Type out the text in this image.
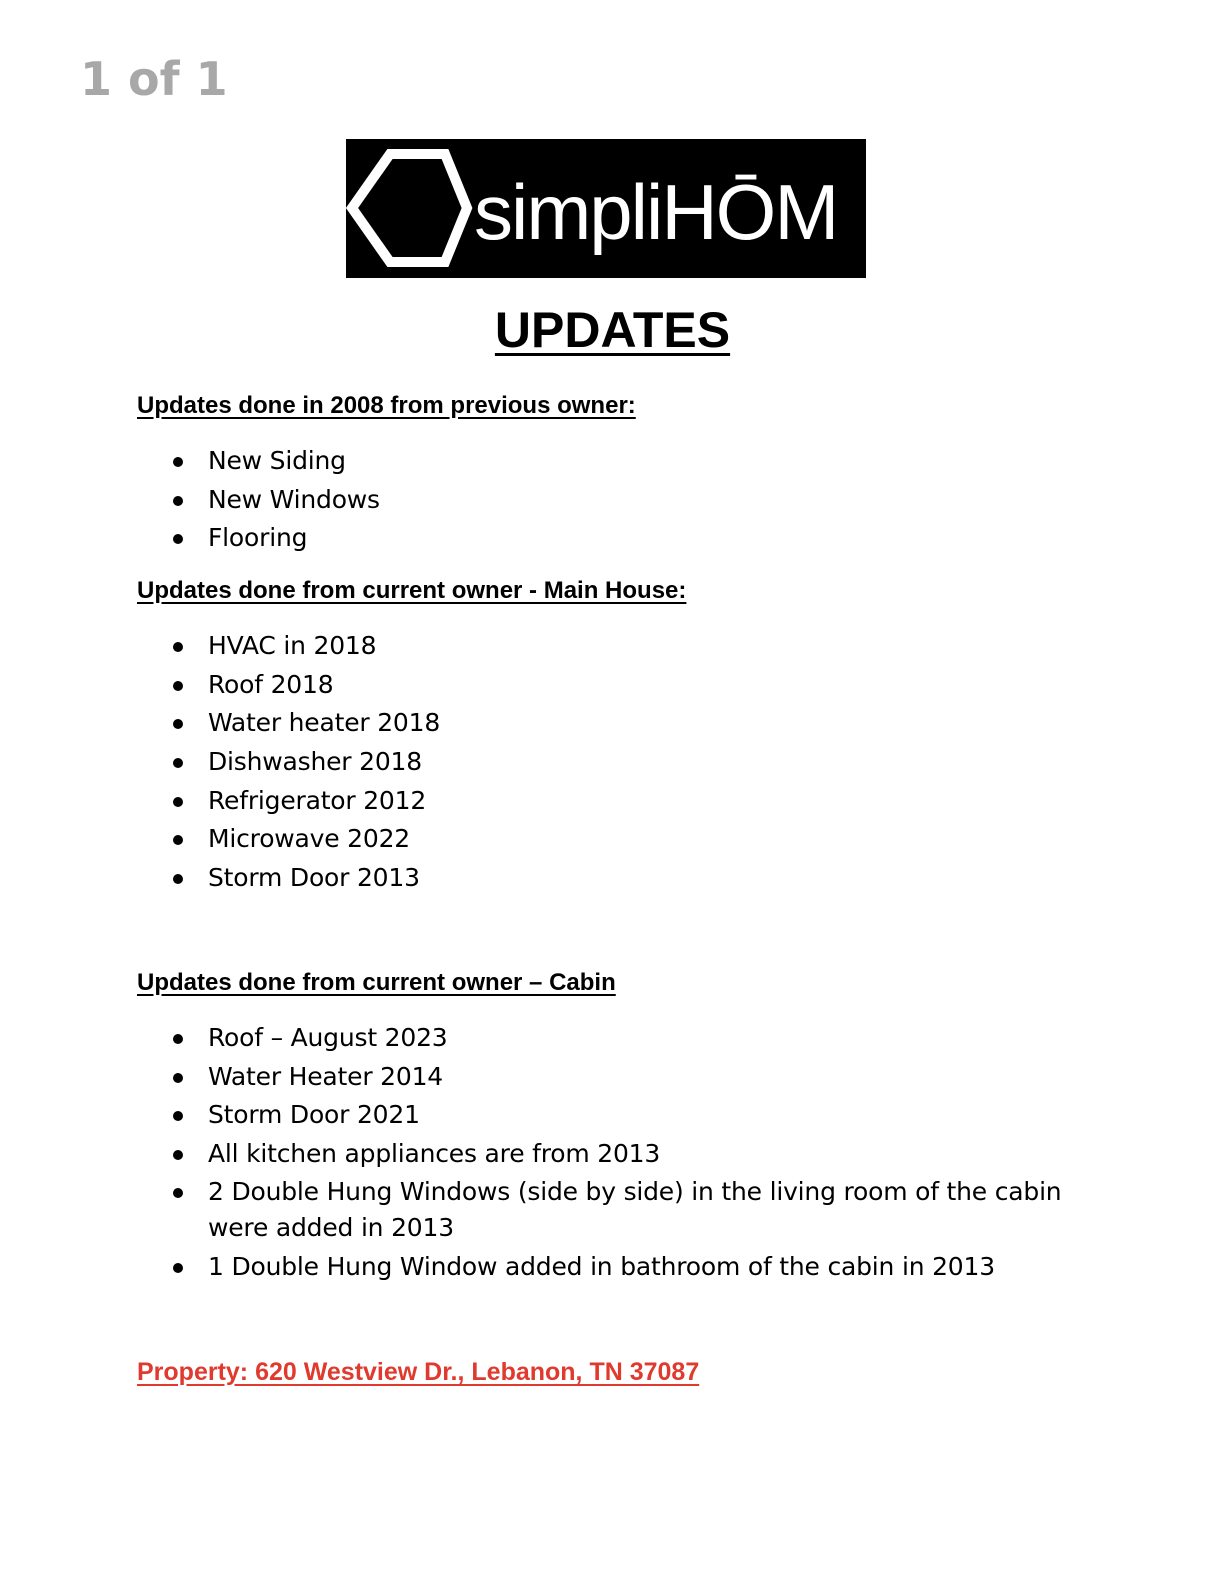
1 of 1
simpliHŌM
UPDATES
Updates done in 2008 from previous owner:
New Siding
New Windows
Flooring
Updates done from current owner - Main House:
HVAC in 2018
Roof 2018
Water heater 2018
Dishwasher 2018
Refrigerator 2012
Microwave 2022
Storm Door 2013
Updates done from current owner – Cabin
Roof – August 2023
Water Heater 2014
Storm Door 2021
All kitchen appliances are from 2013
2 Double Hung Windows (side by side) in the living room of the cabin were added in 2013
1 Double Hung Window added in bathroom of the cabin in 2013
Property: 620 Westview Dr., Lebanon, TN 37087
